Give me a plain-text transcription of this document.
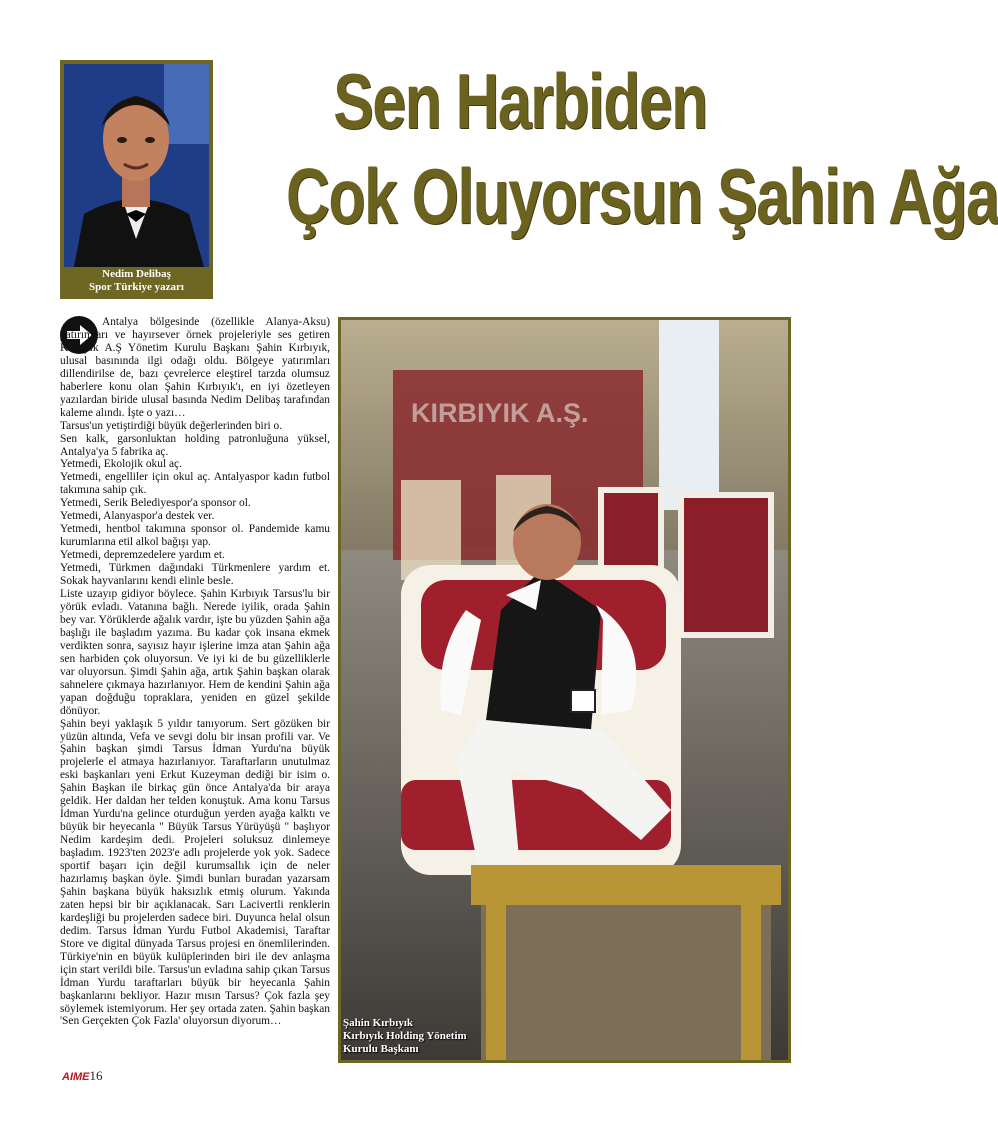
Nedim Delibaş
Spor Türkiye yazarı
Sen Harbiden
Çok Oluyorsun Şahin Ağa

Antalya bölgesinde (özellikle Alanya-Aksu) yatırımları ve hayırsever örnek projeleriyle ses getiren Kırbıyık A.Ş Yönetim Kurulu Başkanı Şahin Kırbıyık, ulusal basınında ilgi odağı oldu. Bölgeye yatırımları dillendirilse de, bazı çevrelerce eleştirel tarzda olumsuz haberlere konu olan Şahin Kırbıyık'ı, en iyi özetleyen yazılardan biride ulusal basında Nedim Delibaş tarafından kaleme alındı. İşte o yazı…

Tarsus'un yetiştirdiği büyük değerlerinden biri o.

Sen kalk, garsonluktan holding patronluğuna yüksel, Antalya'ya 5 fabrika aç.

Yetmedi, Ekolojik okul aç.

Yetmedi, engelliler için okul aç. Antalyaspor kadın futbol takımına sahip çık.

Yetmedi, Serik Belediyespor'a sponsor ol.

Yetmedi, Alanyaspor'a destek ver.

Yetmedi, hentbol takımına sponsor ol. Pandemide kamu kurumlarına etil alkol bağışı yap.

Yetmedi, depremzedelere yardım et.

Yetmedi, Türkmen dağındaki Türkmenlere yardım et. Sokak hayvanlarını kendi elinle besle.

Liste uzayıp gidiyor böylece. Şahin Kırbıyık Tarsus'lu bir yörük evladı. Vatanına bağlı. Nerede iyilik, orada Şahin bey var. Yörüklerde ağalık vardır, işte bu yüzden Şahin ağa başlığı ile başladım yazıma. Bu kadar çok insana ekmek verdikten sonra, sayısız hayır işlerine imza atan Şahin ağa sen harbiden çok oluyorsun. Ve iyi ki de bu güzelliklerle var oluyorsun. Şimdi Şahin ağa, artık Şahin başkan olarak sahnelere çıkmaya hazırlanıyor. Hem de kendini Şahin ağa yapan doğduğu topraklara, yeniden en güzel şekilde dönüyor.

Şahin beyi yaklaşık 5 yıldır tanıyorum. Sert gözüken bir yüzün altında, Vefa ve sevgi dolu bir insan profili var. Ve Şahin başkan şimdi Tarsus İdman Yurdu'na büyük projelerle el atmaya hazırlanıyor. Taraftarların unutulmaz eski başkanları yeni Erkut Kuzeyman dediği bir isim o. Şahin Başkan ile birkaç gün önce Antalya'da bir araya geldik. Her daldan her telden konuştuk. Ama konu Tarsus İdman Yurdu'na gelince oturduğun yerden ayağa kalktı ve büyük bir heyecanla " Büyük Tarsus Yürüyüşü " başlıyor Nedim kardeşim dedi. Projeleri soluksuz dinlemeye başladım. 1923'ten 2023'e adlı projelerde yok yok. Sadece sportif başarı için değil kurumsallık için de neler hazırlamış başkan öyle. Şimdi bunları buradan yazarsam Şahin başkana büyük haksızlık etmiş olurum. Yakında zaten hepsi bir bir açıklanacak. Sarı Lacivertli renklerin kardeşliği bu projelerden sadece biri. Duyunca helal olsun dedim. Tarsus İdman Yurdu Futbol Akademisi, Taraftar Store ve digital dünyada Tarsus projesi en önemlilerinden. Türkiye'nin en büyük kulüplerinden biri ile dev anlaşma için start verildi bile. Tarsus'un evladına sahip çıkan Tarsus İdman Yurdu taraftarları büyük bir heyecanla Şahin başkanlarını bekliyor. Hazır mısın Tarsus? Çok fazla şey söylemek istemiyorum. Her şey ortada zaten. Şahin başkan 'Sen Gerçekten Çok Fazla' oluyorsun diyorum…

KIRBIYIK A.Ş.
Şahin Kırbıyık
Kırbıyık Holding Yönetim
Kurulu Başkanı
AIME16
